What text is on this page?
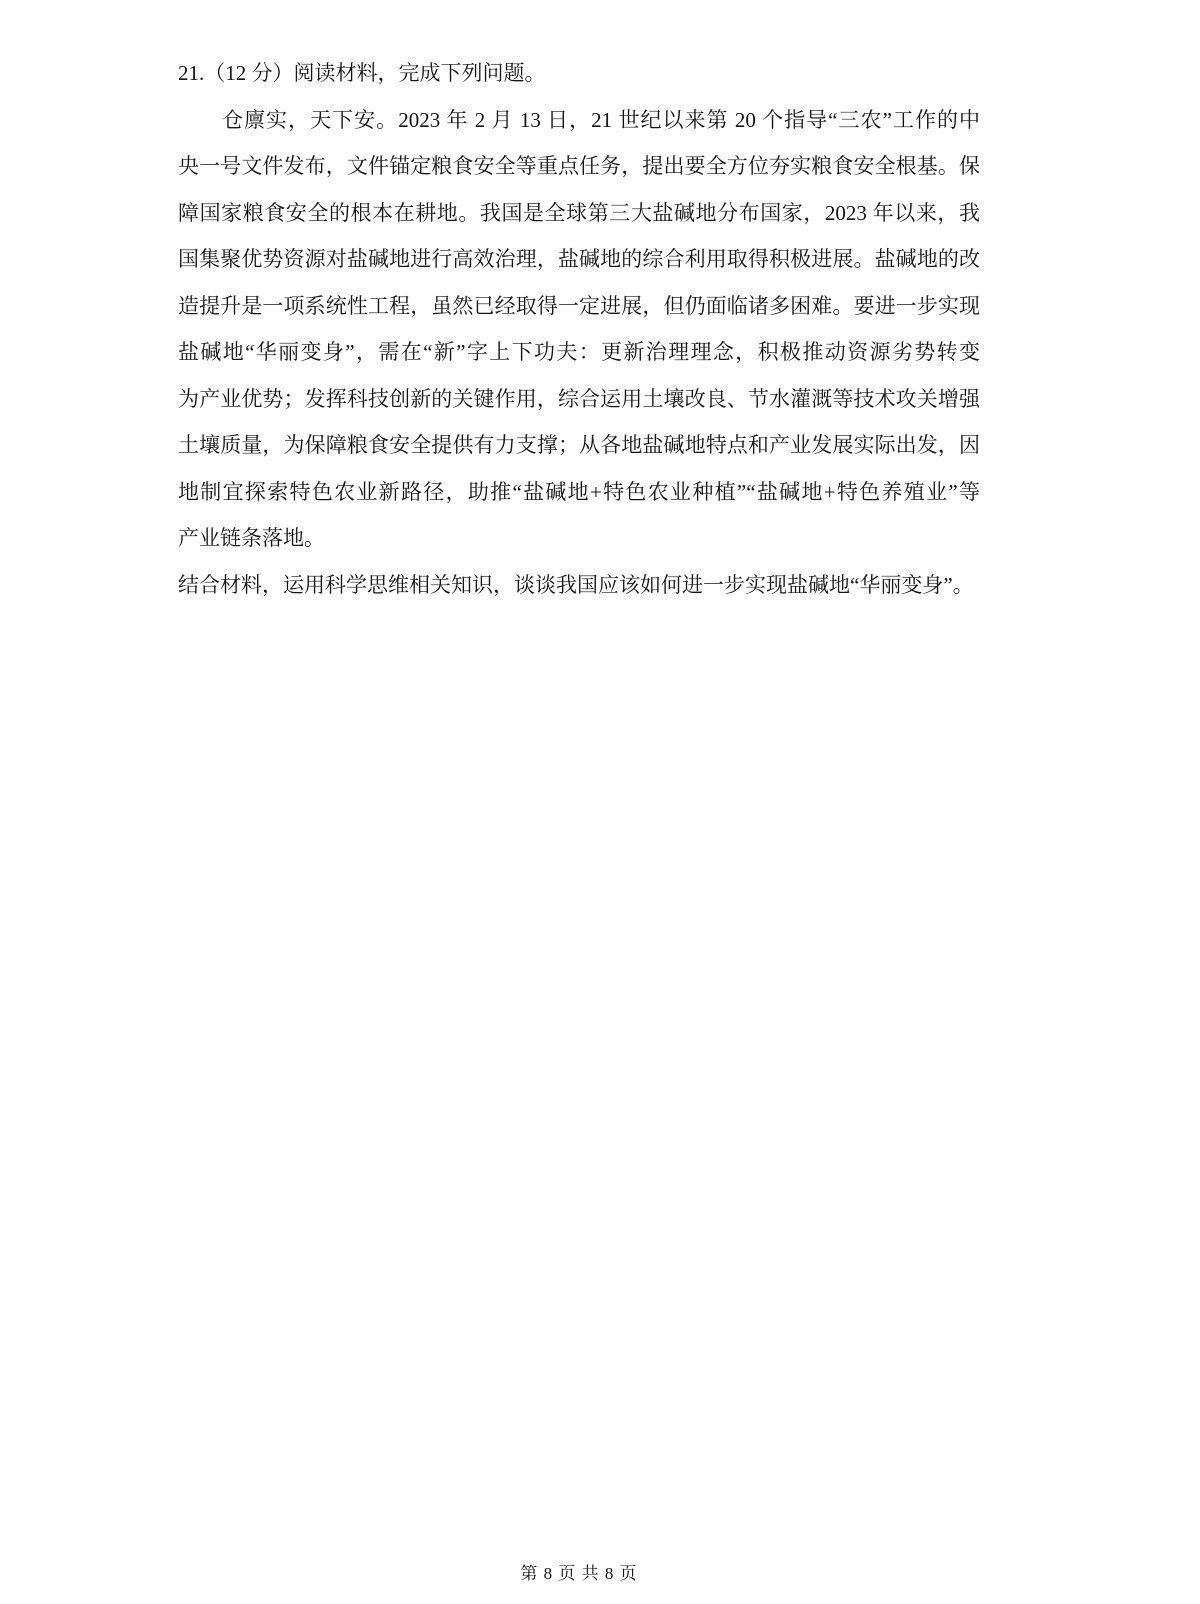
21.（12 分）阅读材料，完成下列问题。
仓廪实，天下安。2023 年 2 月 13 日，21 世纪以来第 20 个指导“三农”工作的中
央一号文件发布，文件锚定粮食安全等重点任务，提出要全方位夯实粮食安全根基。保
障国家粮食安全的根本在耕地。我国是全球第三大盐碱地分布国家，2023 年以来，我
国集聚优势资源对盐碱地进行高效治理，盐碱地的综合利用取得积极进展。盐碱地的改
造提升是一项系统性工程，虽然已经取得一定进展，但仍面临诸多困难。要进一步实现
盐碱地“华丽变身”，需在“新”字上下功夫：更新治理理念，积极推动资源劣势转变
为产业优势；发挥科技创新的关键作用，综合运用土壤改良、节水灌溉等技术攻关增强
土壤质量，为保障粮食安全提供有力支撑；从各地盐碱地特点和产业发展实际出发，因
地制宜探索特色农业新路径，助推“盐碱地+特色农业种植”“盐碱地+特色养殖业”等
产业链条落地。
结合材料，运用科学思维相关知识，谈谈我国应该如何进一步实现盐碱地“华丽变身”。
第 8 页 共 8 页
